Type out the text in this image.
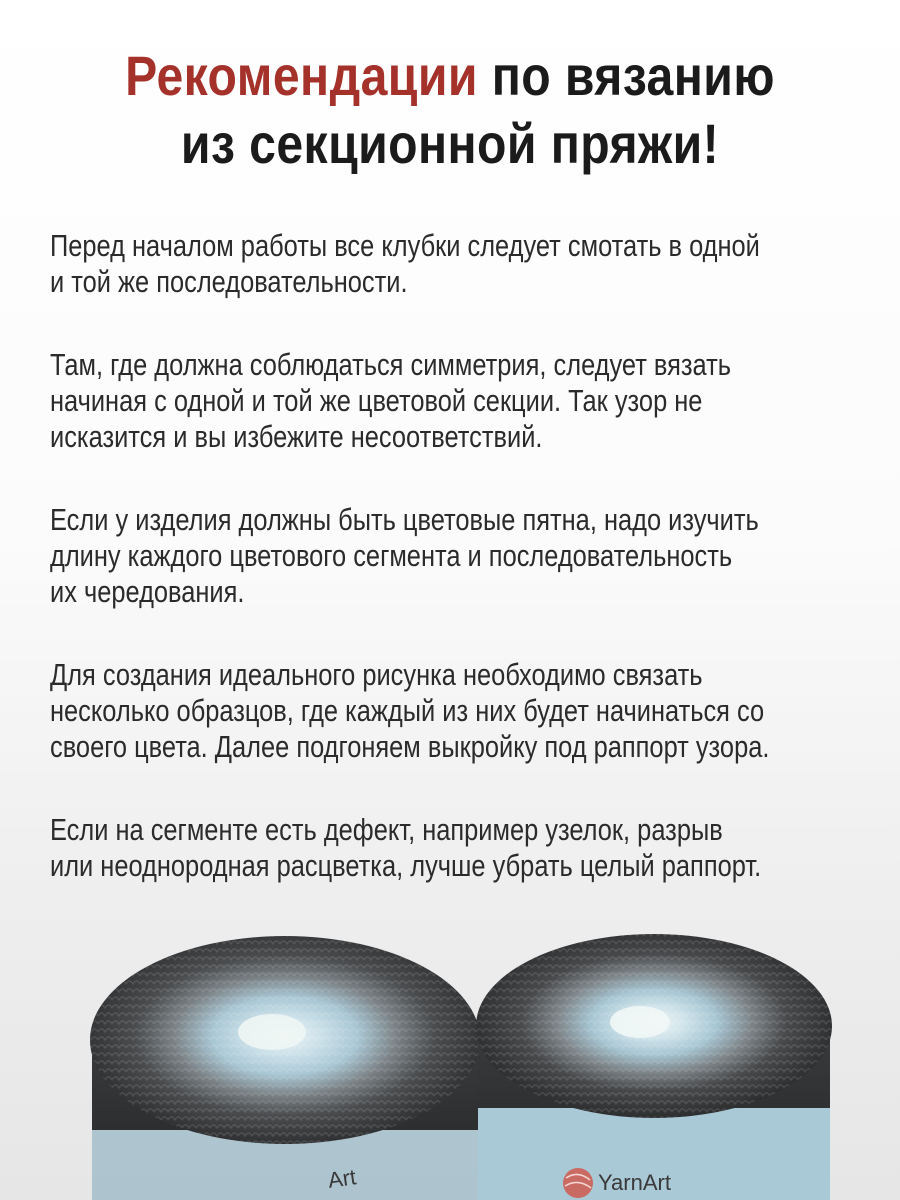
Рекомендации по вязанию
из секционной пряжи!

Перед началом работы все клубки следует смотать в одной
и той же последовательности.

Там, где должна соблюдаться симметрия, следует вязать
начиная с одной и той же цветовой секции. Так узор не
исказится и вы избежите несоответствий.

Если у изделия должны быть цветовые пятна, надо изучить
длину каждого цветового сегмента и последовательность
их чередования.

Для создания идеального рисунка необходимо связать
несколько образцов, где каждый из них будет начинаться со
своего цвета. Далее подгоняем выкройку под раппорт узора.

Если на сегменте есть дефект, например узелок, разрыв
или неоднородная расцветка, лучше убрать целый раппорт.

Art	YarnArt
